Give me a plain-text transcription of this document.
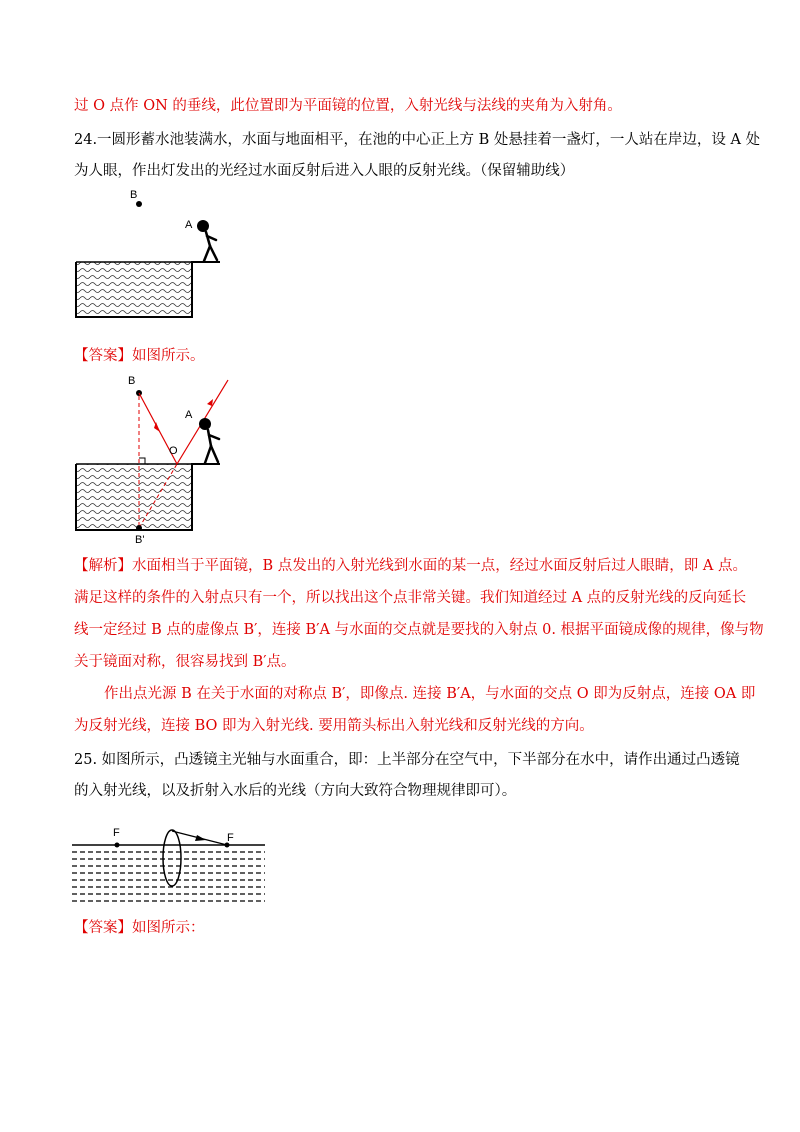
过 O 点作 ON 的垂线，此位置即为平面镜的位置，入射光线与法线的夹角为入射角。
24.一圆形蓄水池装满水，水面与地面相平，在池的中心正上方 B 处悬挂着一盏灯，一人站在岸边，设 A 处
为人眼，作出灯发出的光经过水面反射后进入人眼的反射光线。（保留辅助线）
B
A
【答案】如图所示。
B
O
A
B'
【解析】水面相当于平面镜，B 点发出的入射光线到水面的某一点，经过水面反射后过人眼睛，即 A 点。
满足这样的条件的入射点只有一个，所以找出这个点非常关键。我们知道经过 A 点的反射光线的反向延长
线一定经过 B 点的虚像点 B′，连接 B′A 与水面的交点就是要找的入射点 0. 根据平面镜成像的规律，像与物
关于镜面对称，很容易找到 B′点。
作出点光源 B 在关于水面的对称点 B′，即像点. 连接 B′A，与水面的交点 O 即为反射点，连接 OA 即
为反射光线，连接 BO 即为入射光线. 要用箭头标出入射光线和反射光线的方向。
25. 如图所示，凸透镜主光轴与水面重合，即：上半部分在空气中，下半部分在水中，请作出通过凸透镜
的入射光线，以及折射入水后的光线（方向大致符合物理规律即可）。
F	F
【答案】如图所示：
